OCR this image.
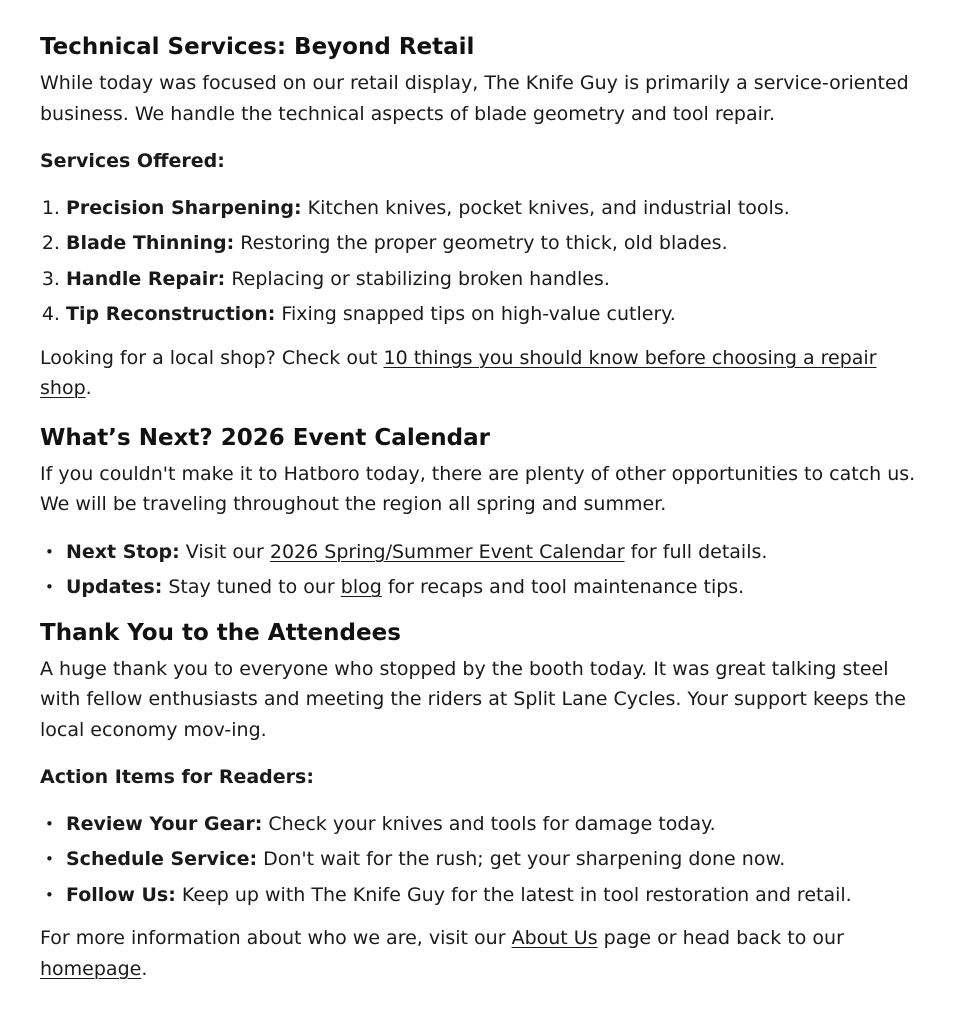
Technical Services: Beyond Retail

While today was focused on our retail display, The Knife Guy is primarily a service-oriented business. We handle the technical aspects of blade geometry and tool repair.

Services Offered:

1. Precision Sharpening: Kitchen knives, pocket knives, and industrial tools.
2. Blade Thinning: Restoring the proper geometry to thick, old blades.
3. Handle Repair: Replacing or stabilizing broken handles.
4. Tip Reconstruction: Fixing snapped tips on high-value cutlery.

Looking for a local shop? Check out 10 things you should know before choosing a repair shop.

What’s Next? 2026 Event Calendar

If you couldn't make it to Hatboro today, there are plenty of other opportunities to catch us. We will be traveling throughout the region all spring and summer.

• Next Stop: Visit our 2026 Spring/Summer Event Calendar for full details.
• Updates: Stay tuned to our blog for recaps and tool maintenance tips.
Thank You to the Attendees

A huge thank you to everyone who stopped by the booth today. It was great talking steel with fellow enthusiasts and meeting the riders at Split Lane Cycles. Your support keeps the local economy mov-ing.

Action Items for Readers:

• Review Your Gear: Check your knives and tools for damage today.
• Schedule Service: Don't wait for the rush; get your sharpening done now.
• Follow Us: Keep up with The Knife Guy for the latest in tool restoration and retail.

For more information about who we are, visit our About Us page or head back to our homepage.
